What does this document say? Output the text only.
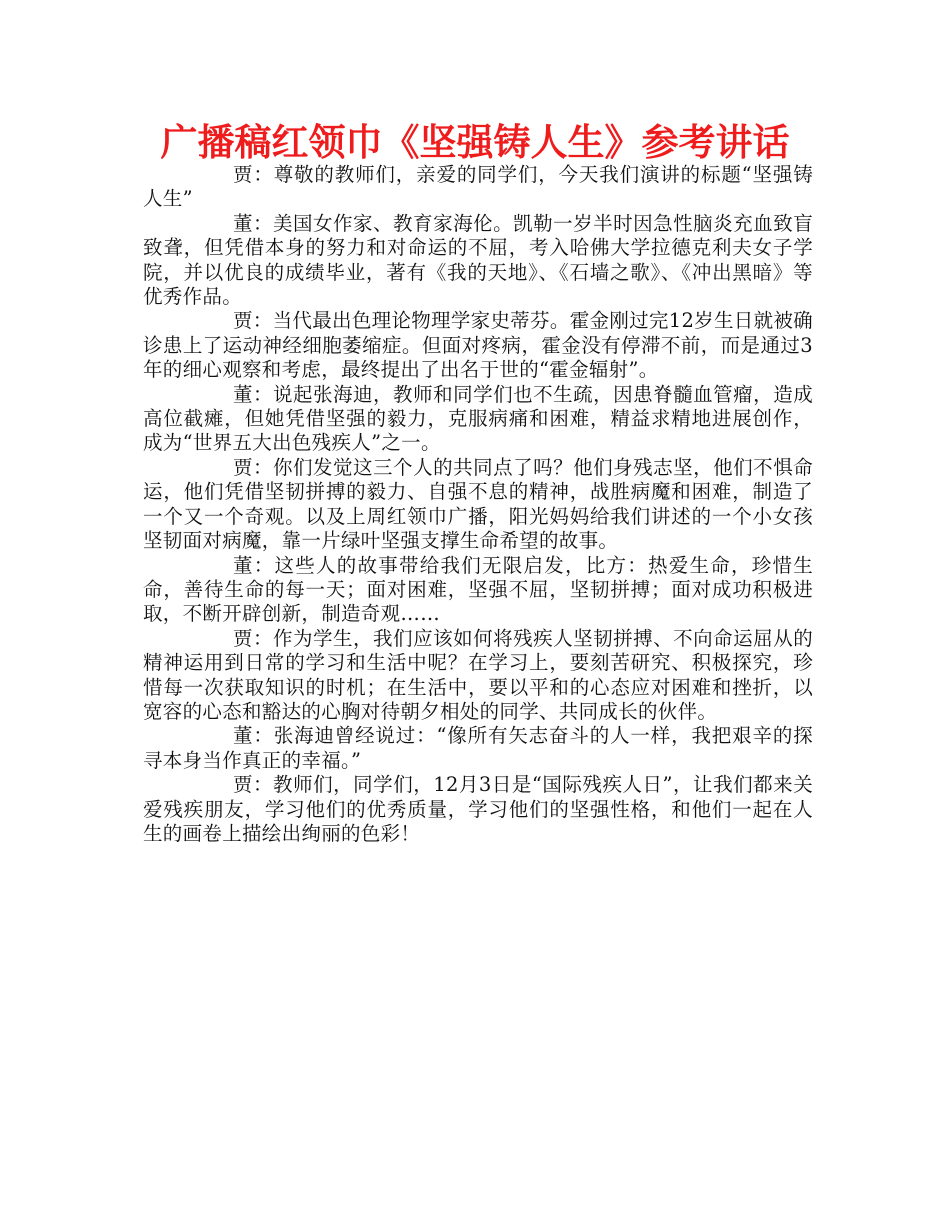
广播稿红领巾《坚强铸人生》参考讲话

贾：尊敬的教师们，亲爱的同学们，今天我们演讲的标题“坚强铸人生”

董：美国女作家、教育家海伦。凯勒一岁半时因急性脑炎充血致盲致聋，但凭借本身的努力和对命运的不屈，考入哈佛大学拉德克利夫女子学院，并以优良的成绩毕业，著有《我的天地》、《石墙之歌》、《冲出黑暗》等优秀作品。

贾：当代最出色理论物理学家史蒂芬。霍金刚过完12岁生日就被确诊患上了运动神经细胞萎缩症。但面对疼病，霍金没有停滞不前，而是通过3年的细心观察和考虑，最终提出了出名于世的“霍金辐射”。

董：说起张海迪，教师和同学们也不生疏，因患脊髓血管瘤，造成高位截瘫，但她凭借坚强的毅力，克服病痛和困难，精益求精地进展创作，成为“世界五大出色残疾人”之一。

贾：你们发觉这三个人的共同点了吗？他们身残志坚，他们不惧命运，他们凭借坚韧拼搏的毅力、自强不息的精神，战胜病魔和困难，制造了一个又一个奇观。以及上周红领巾广播，阳光妈妈给我们讲述的一个小女孩坚韧面对病魔，靠一片绿叶坚强支撑生命希望的故事。

董：这些人的故事带给我们无限启发，比方：热爱生命，珍惜生命，善待生命的每一天；面对困难，坚强不屈，坚韧拼搏；面对成功积极进取，不断开辟创新，制造奇观……

贾：作为学生，我们应该如何将残疾人坚韧拼搏、不向命运屈从的精神运用到日常的学习和生活中呢？在学习上，要刻苦研究、积极探究，珍惜每一次获取知识的时机；在生活中，要以平和的心态应对困难和挫折，以宽容的心态和豁达的心胸对待朝夕相处的同学、共同成长的伙伴。

董：张海迪曾经说过：“像所有矢志奋斗的人一样，我把艰辛的探寻本身当作真正的幸福。”

贾：教师们，同学们，12月3日是“国际残疾人日”，让我们都来关爱残疾朋友，学习他们的优秀质量，学习他们的坚强性格，和他们一起在人生的画卷上描绘出绚丽的色彩！
